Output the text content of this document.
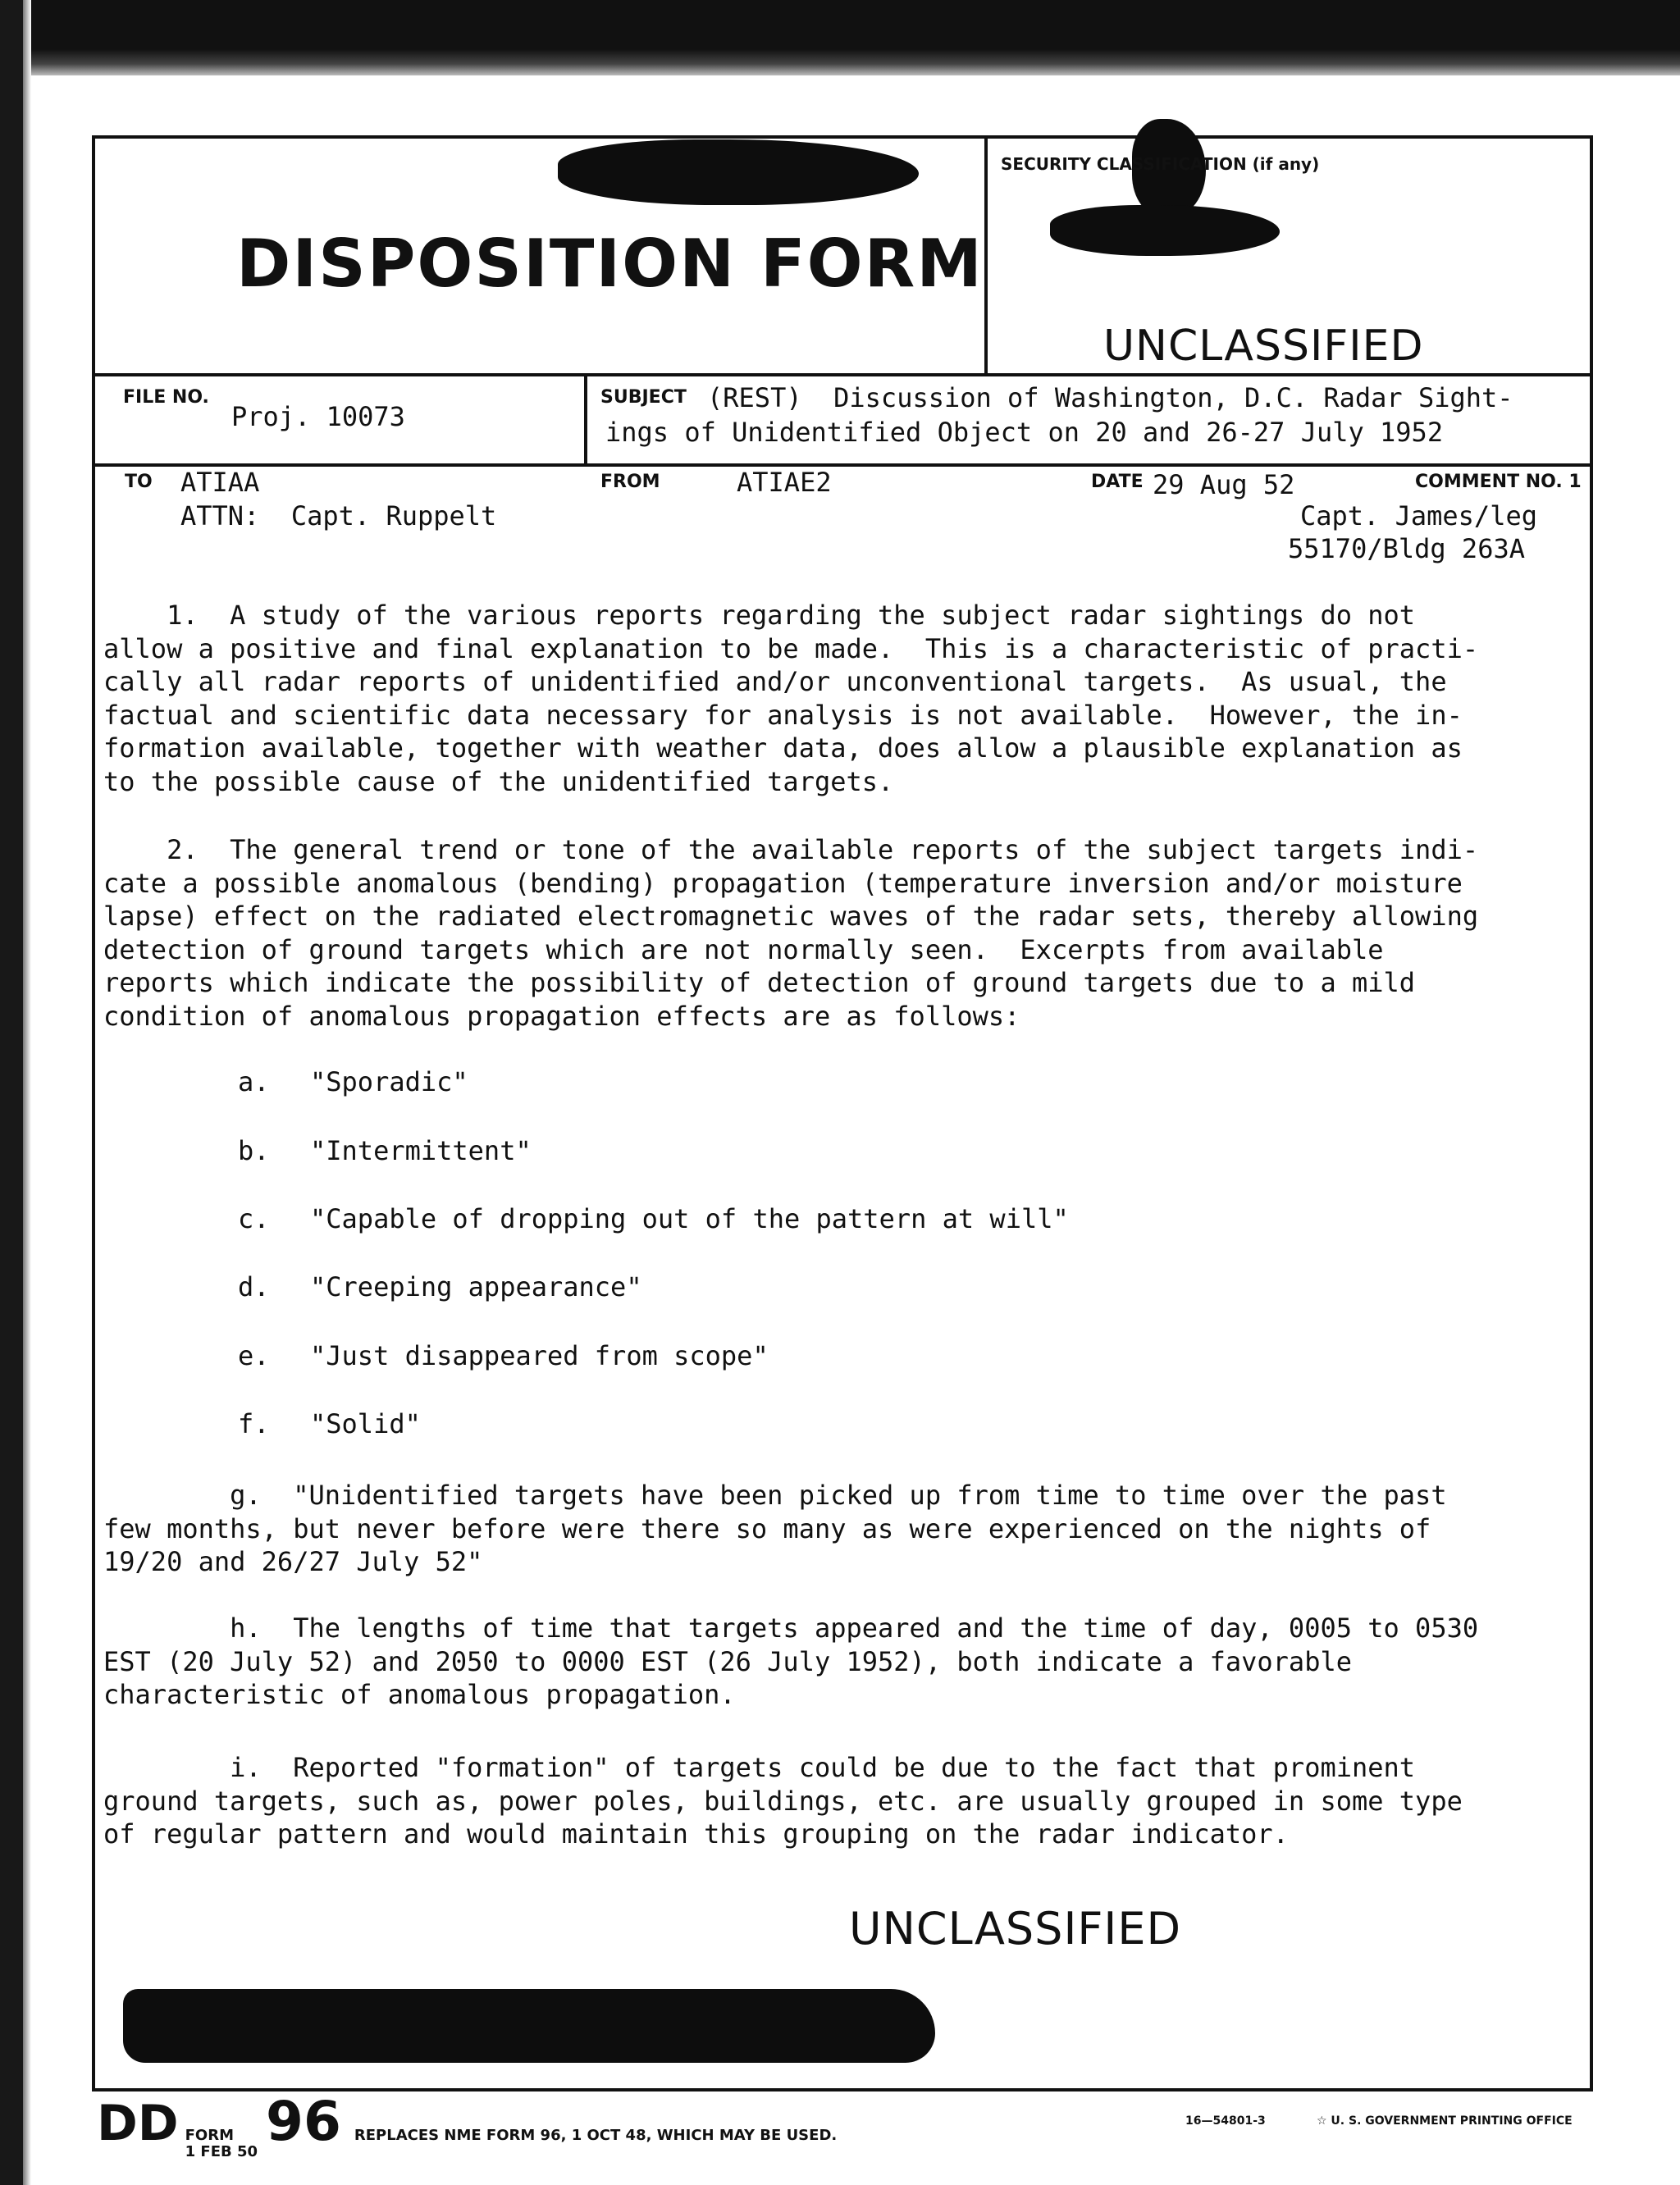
DISPOSITION FORM
SECURITY CLASSIFICATION (if any)
UNCLASSIFIED
FILE NO.
Proj. 10073
SUBJECT (REST)  Discussion of Washington, D.C. Radar Sight-
ings of Unidentified Object on 20 and 26-27 July 1952
TO ATIAA
ATTN:  Capt. Ruppelt
FROM	ATIAE2	DATE 29 Aug 52	COMMENT NO. 1
Capt. James/leg
55170/Bldg 263A
1.  A study of the various reports regarding the subject radar sightings do not
allow a positive and final explanation to be made.  This is a characteristic of practi-
cally all radar reports of unidentified and/or unconventional targets.  As usual, the
factual and scientific data necessary for analysis is not available.  However, the in-
formation available, together with weather data, does allow a plausible explanation as
to the possible cause of the unidentified targets.
2.  The general trend or tone of the available reports of the subject targets indi-
cate a possible anomalous (bending) propagation (temperature inversion and/or moisture
lapse) effect on the radiated electromagnetic waves of the radar sets, thereby allowing
detection of ground targets which are not normally seen.  Excerpts from available
reports which indicate the possibility of detection of ground targets due to a mild
condition of anomalous propagation effects are as follows:
a. "Sporadic"
b. "Intermittent"
c. "Capable of dropping out of the pattern at will"
d. "Creeping appearance"
e. "Just disappeared from scope"
f. "Solid"
g.  "Unidentified targets have been picked up from time to time over the past
few months, but never before were there so many as were experienced on the nights of
19/20 and 26/27 July 52"
h.  The lengths of time that targets appeared and the time of day, 0005 to 0530
EST (20 July 52) and 2050 to 0000 EST (26 July 1952), both indicate a favorable
characteristic of anomalous propagation.
i.  Reported "formation" of targets could be due to the fact that prominent
ground targets, such as, power poles, buildings, etc. are usually grouped in some type
of regular pattern and would maintain this grouping on the radar indicator.
UNCLASSIFIED
DD FORM
1 FEB 50 96 REPLACES NME FORM 96, 1 OCT 48, WHICH MAY BE USED.
16—54801-3	☆ U. S. GOVERNMENT PRINTING OFFICE
